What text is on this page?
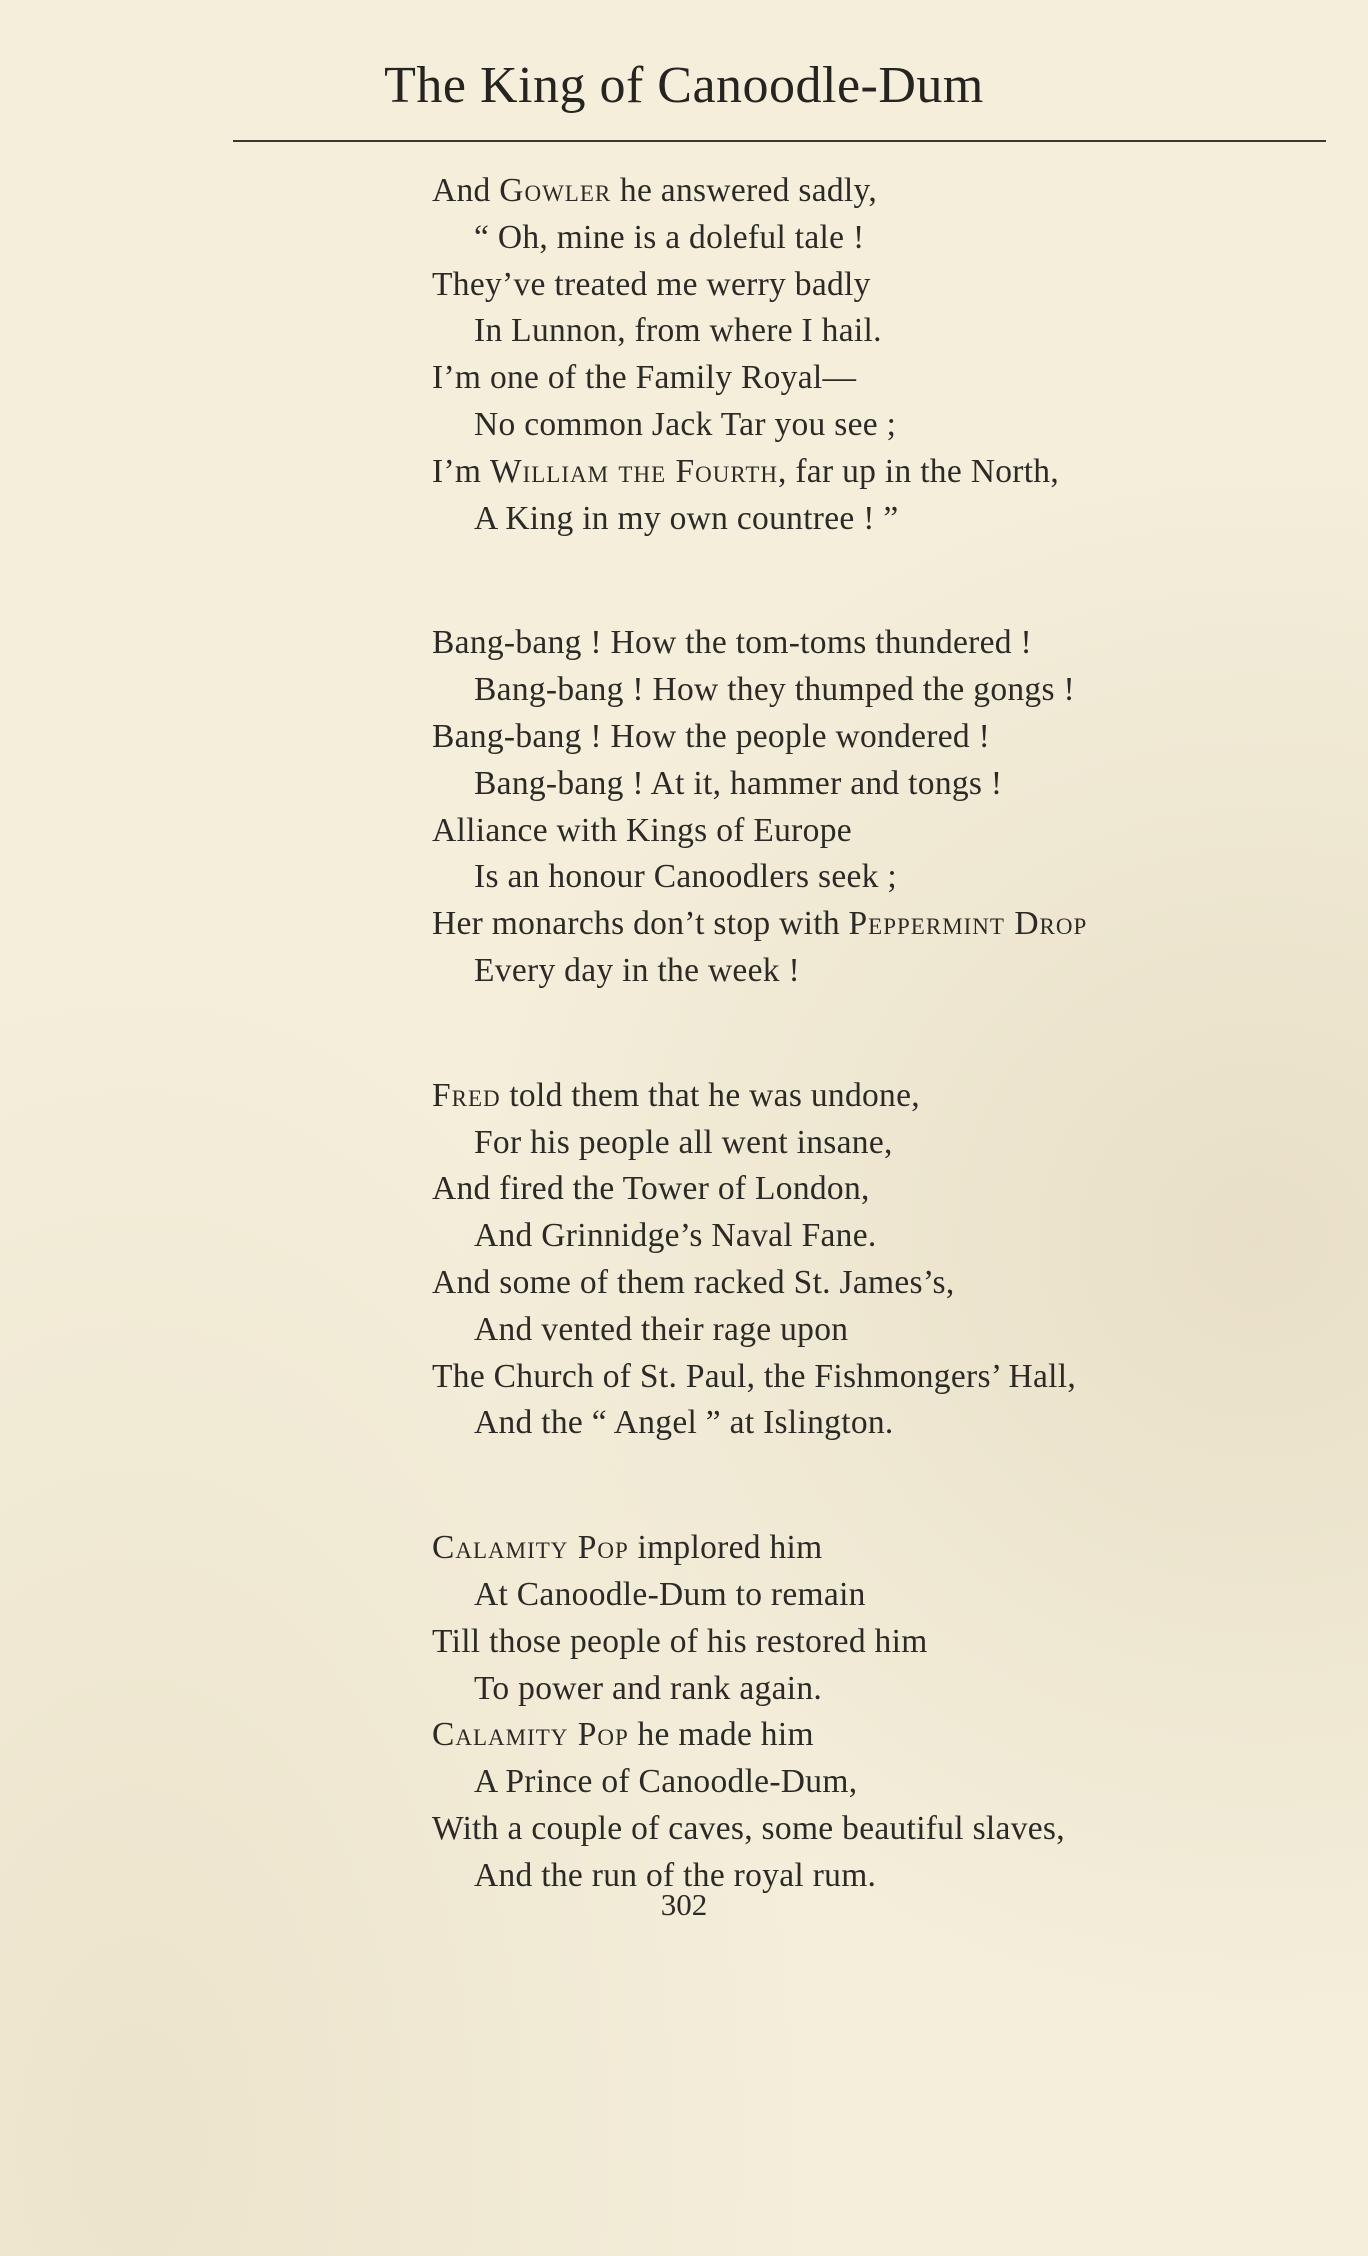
The King of Canoodle-Dum
And Gowler he answered sadly,
“ Oh, mine is a doleful tale !
They’ve treated me werry badly
In Lunnon, from where I hail.
I’m one of the Family Royal—
No common Jack Tar you see ;
I’m William the Fourth, far up in the North,
A King in my own countree ! ”
Bang-bang ! How the tom-toms thundered !
Bang-bang ! How they thumped the gongs !
Bang-bang ! How the people wondered !
Bang-bang ! At it, hammer and tongs !
Alliance with Kings of Europe
Is an honour Canoodlers seek ;
Her monarchs don’t stop with Peppermint Drop
Every day in the week !
Fred told them that he was undone,
For his people all went insane,
And fired the Tower of London,
And Grinnidge’s Naval Fane.
And some of them racked St. James’s,
And vented their rage upon
The Church of St. Paul, the Fishmongers’ Hall,
And the “ Angel ” at Islington.
Calamity Pop implored him
At Canoodle-Dum to remain
Till those people of his restored him
To power and rank again.
Calamity Pop he made him
A Prince of Canoodle-Dum,
With a couple of caves, some beautiful slaves,
And the run of the royal rum.
302
